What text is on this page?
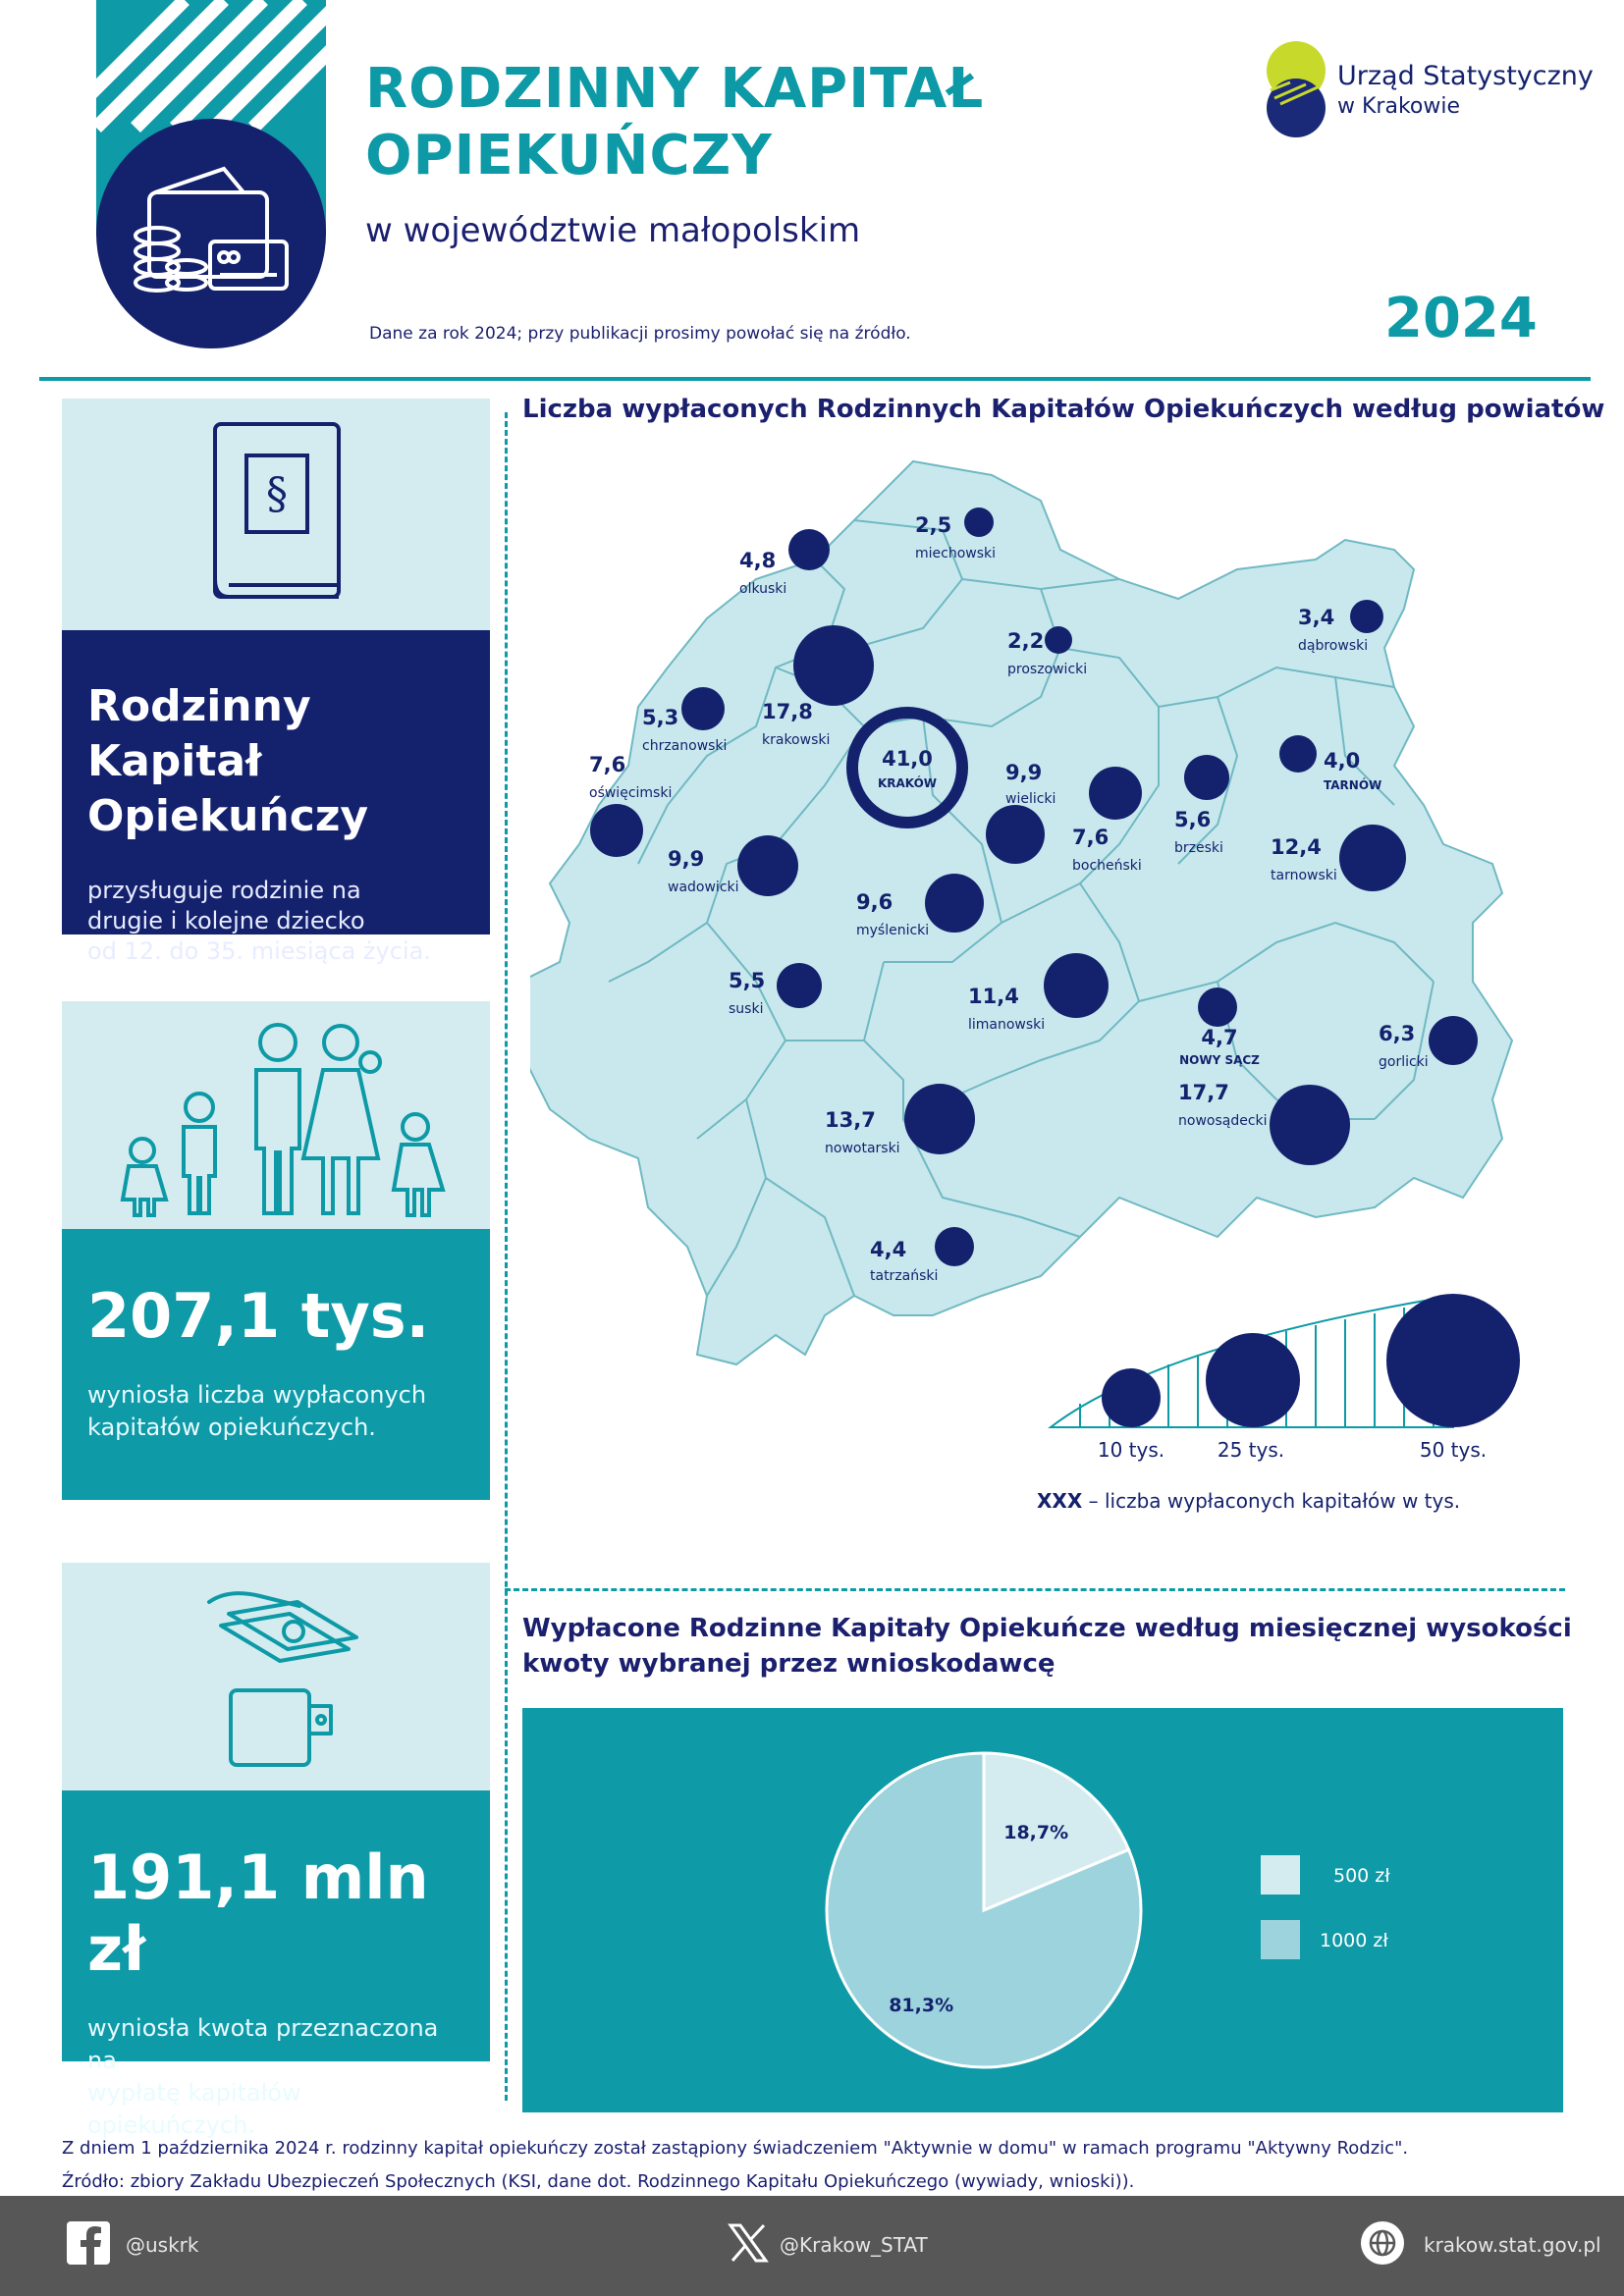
RODZINNY KAPITAŁ
OPIEKUŃCZY
w województwie małopolskim
Dane za rok 2024; przy publikacji prosimy powołać się na źródło.	2024
Urząd Statystyczny
w Krakowie
§
Rodzinny Kapitał
Opiekuńczy
przysługuje rodzinie na
drugie i kolejne dziecko
od 12. do 35. miesiąca życia.
207,1 tys.
wyniosła liczba wypłaconych
kapitałów opiekuńczych.
191,1 mln zł
wyniosła kwota przeznaczona na
wypłatę kapitałów opiekuńczych.
Liczba wypłaconych Rodzinnych Kapitałów Opiekuńczych według powiatów
2,5
miechowski
4,8
olkuski
2,2
proszowicki
3,4
dąbrowski
17,8
krakowski
5,3
chrzanowski
41,0
KRAKÓW
7,6
oświęcimski
9,9
wielicki
4,0
TARNÓW
7,6
bocheński
5,6
brzeski 12,4
tarnowski
9,9
wadowicki
9,6
myślenicki
5,5
suski
11,4
limanowski
4,7
NOWY SĄCZ
6,3
gorlicki
17,7
nowosądecki
13,7
nowotarski
4,4
tatrzański
10 tys.	25 tys.	50 tys.
XXX – liczba wypłaconych kapitałów w tys.
Wypłacone Rodzinne Kapitały Opiekuńcze według miesięcznej wysokości
kwoty wybranej przez wnioskodawcę
18,7%
81,3%
500 zł
1000 zł
Z dniem 1 października 2024 r. rodzinny kapitał opiekuńczy został zastąpiony świadczeniem "Aktywnie w domu" w ramach programu "Aktywny Rodzic".
Źródło: zbiory Zakładu Ubezpieczeń Społecznych (KSI, dane dot. Rodzinnego Kapitału Opiekuńczego (wywiady, wnioski)).
@uskrk	@Krakow_STAT	krakow.stat.gov.pl
